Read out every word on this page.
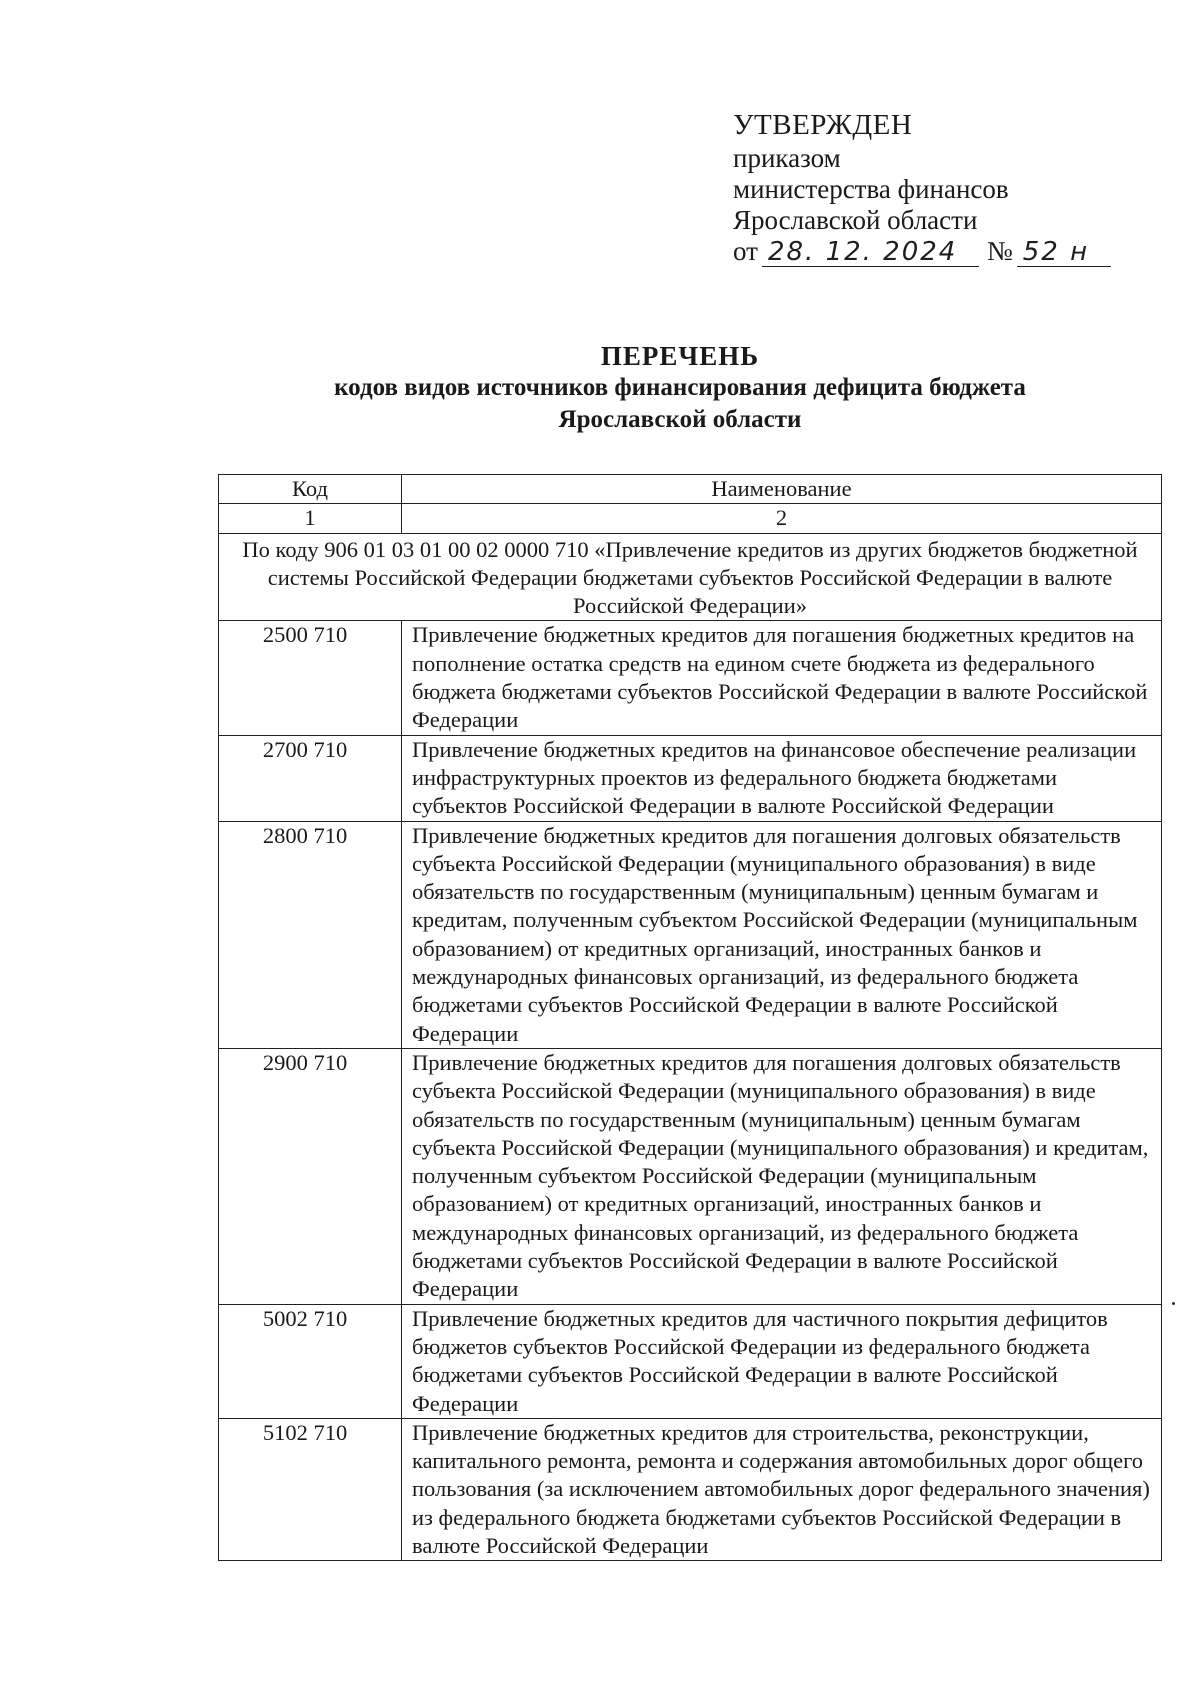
УТВЕРЖДЕН
приказом
министерства финансов
Ярославской области
от 28. 12. 2024	№ 52 н
ПЕРЕЧЕНЬ
кодов видов источников финансирования дефицита бюджета
Ярославской области
Код	Наименование
1	2
По коду 906 01 03 01 00 02 0000 710 «Привлечение кредитов из других бюджетов бюджетной системы Российской Федерации бюджетами субъектов Российской Федерации в валюте Российской Федерации»	
2500 710	Привлечение бюджетных кредитов для погашения бюджетных кредитов на пополнение остатка средств на едином счете бюджета из федерального бюджета бюджетами субъектов Российской Федерации в валюте Российской Федерации
2700 710	Привлечение бюджетных кредитов на финансовое обеспечение реализации инфраструктурных проектов из федерального бюджета бюджетами субъектов Российской Федерации в валюте Российской Федерации
2800 710	Привлечение бюджетных кредитов для погашения долговых обязательств субъекта Российской Федерации (муниципального образования) в виде обязательств по государственным (муниципальным) ценным бумагам и кредитам, полученным субъектом Российской Федерации (муниципальным образованием) от кредитных организаций, иностранных банков и международных финансовых организаций, из федерального бюджета бюджетами субъектов Российской Федерации в валюте Российской Федерации
2900 710	Привлечение бюджетных кредитов для погашения долговых обязательств субъекта Российской Федерации (муниципального образования) в виде обязательств по государственным (муниципальным) ценным бумагам субъекта Российской Федерации (муниципального образования) и кредитам, полученным субъектом Российской Федерации (муниципальным образованием) от кредитных организаций, иностранных банков и международных финансовых организаций, из федерального бюджета бюджетами субъектов Российской Федерации в валюте Российской Федерации
5002 710	Привлечение бюджетных кредитов для частичного покрытия дефицитов бюджетов субъектов Российской Федерации из федерального бюджета бюджетами субъектов Российской Федерации в валюте Российской Федерации
5102 710	Привлечение бюджетных кредитов для строительства, реконструкции, капитального ремонта, ремонта и содержания автомобильных дорог общего пользования (за исключением автомобильных дорог федерального значения) из федерального бюджета бюджетами субъектов Российской Федерации в валюте Российской Федерации
